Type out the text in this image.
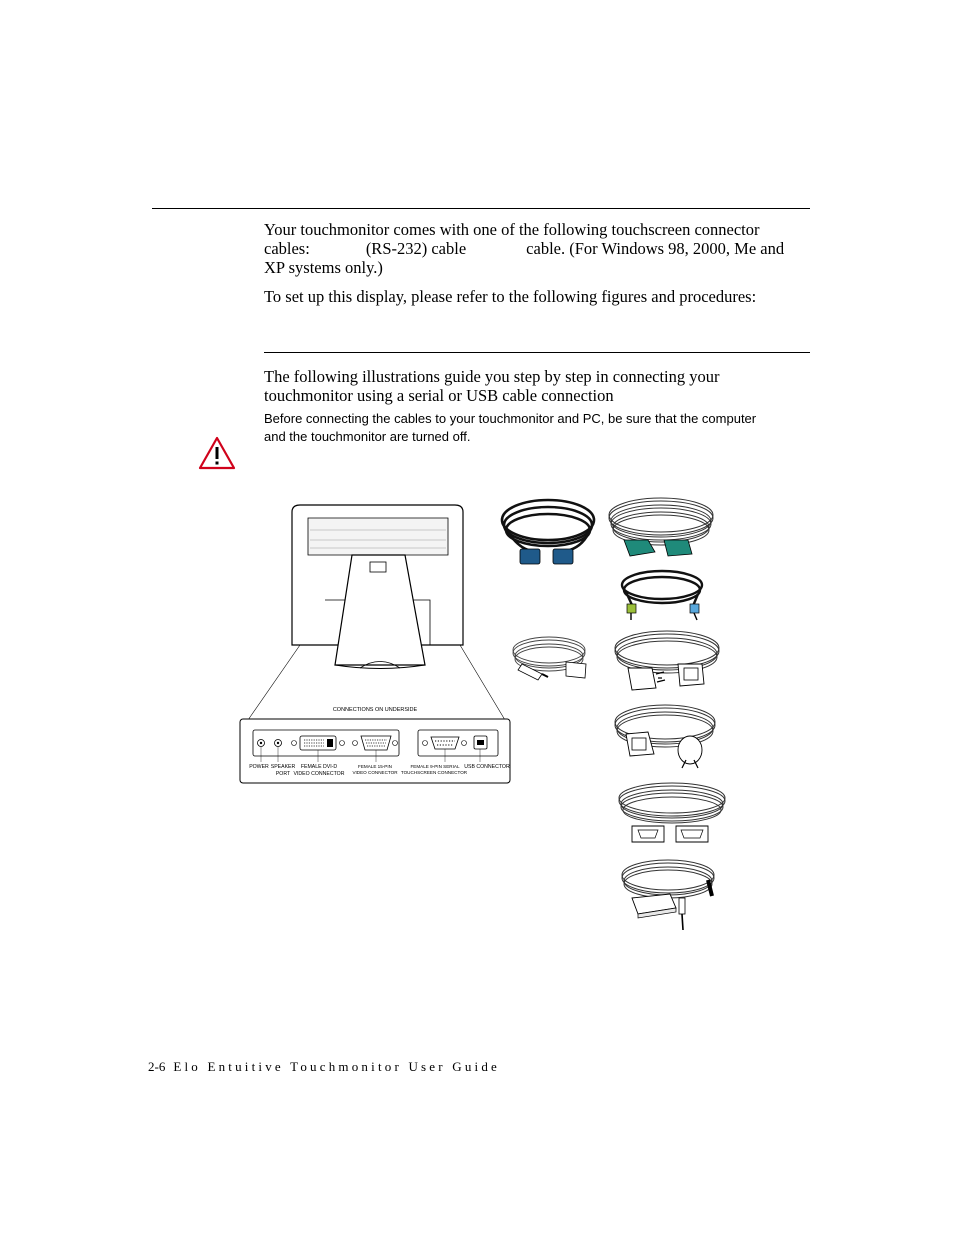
Your touchmonitor comes with one of the following touchscreen connector
cables:	(RS-232) cable	cable. (For Windows 98, 2000, Me and
XP systems only.)

To set up this display, please refer to the following figures and procedures:

The following illustrations guide you step by step in connecting your
touchmonitor using a serial or USB cable connection

Before connecting the cables to your touchmonitor and PC, be sure that the computer
and the touchmonitor are turned off.
CONNECTIONS ON UNDERSIDE
POWER SPEAKER
PORT
FEMALE DVI-D
VIDEO CONNECTOR
FEMALE 15-PIN
VIDEO CONNECTOR
FEMALE 9-PIN SERIAL
TOUCHSCREEN CONNECTOR
USB CONNECTOR
2-6 Elo Entuitive Touchmonitor User Guide
